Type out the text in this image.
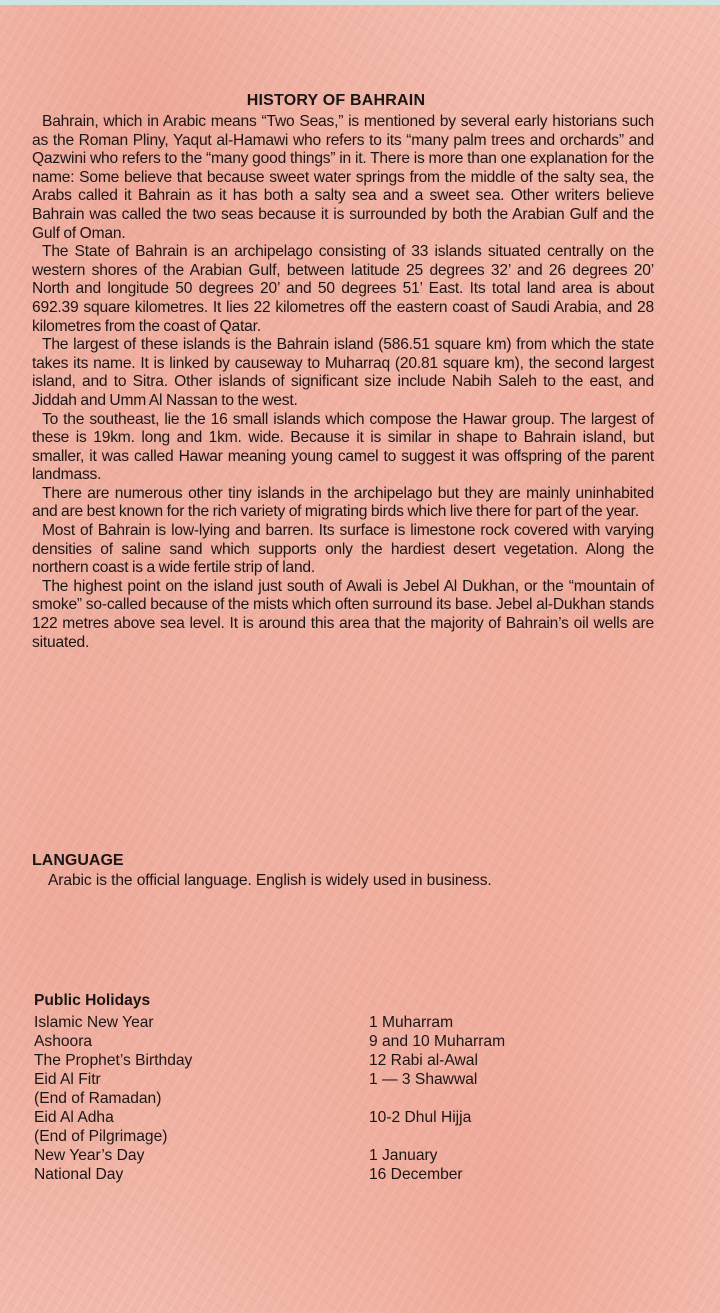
HISTORY OF BAHRAIN

Bahrain, which in Arabic means “Two Seas,” is mentioned by several early historians such as the Roman Pliny, Yaqut al-Hamawi who refers to its “many palm trees and orchards” and Qazwini who refers to the “many good things” in it. There is more than one explanation for the name: Some believe that because sweet water springs from the middle of the salty sea, the Arabs called it Bahrain as it has both a salty sea and a sweet sea. Other writers believe Bahrain was called the two seas because it is surrounded by both the Arabian Gulf and the Gulf of Oman.

The State of Bahrain is an archipelago consisting of 33 islands situated centrally on the western shores of the Arabian Gulf, between latitude 25 degrees 32’ and 26 degrees 20’ North and longitude 50 degrees 20’ and 50 degrees 51’ East. Its total land area is about 692.39 square kilometres. It lies 22 kilometres off the eastern coast of Saudi Arabia, and 28 kilometres from the coast of Qatar.

The largest of these islands is the Bahrain island (586.51 square km) from which the state takes its name. It is linked by causeway to Muharraq (20.81 square km), the second largest island, and to Sitra. Other islands of significant size include Nabih Saleh to the east, and Jiddah and Umm Al Nassan to the west.

To the southeast, lie the 16 small islands which compose the Hawar group. The largest of these is 19km. long and 1km. wide. Because it is similar in shape to Bahrain island, but smaller, it was called Hawar meaning young camel to suggest it was offspring of the parent landmass.

There are numerous other tiny islands in the archipelago but they are mainly uninhabited and are best known for the rich variety of migrating birds which live there for part of the year.

Most of Bahrain is low-lying and barren. Its surface is limestone rock covered with varying densities of saline sand which supports only the hardiest desert vegetation. Along the northern coast is a wide fertile strip of land.

The highest point on the island just south of Awali is Jebel Al Dukhan, or the “mountain of smoke” so-called because of the mists which often surround its base. Jebel al-Dukhan stands 122 metres above sea level. It is around this area that the majority of Bahrain’s oil wells are situated.

LANGUAGE

Arabic is the official language. English is widely used in business.

Public Holidays
Islamic New Year
Ashoora
The Prophet’s Birthday
Eid Al Fitr
(End of Ramadan)
Eid Al Adha
(End of Pilgrimage)
New Year’s Day
National Day
1 Muharram
9 and 10 Muharram
12 Rabi al-Awal
1 — 3 Shawwal
10-2 Dhul Hijja
1 January
16 December
